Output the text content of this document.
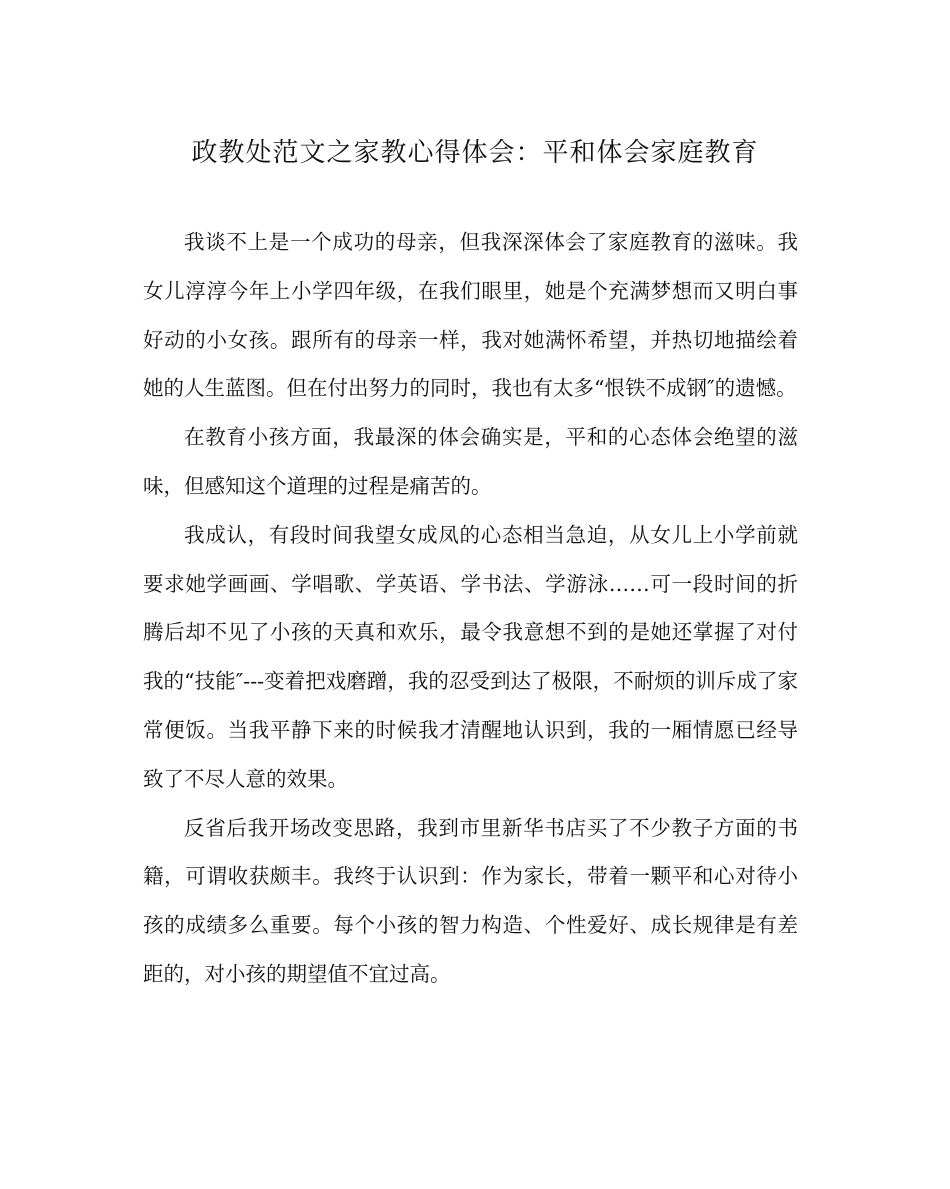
政教处范文之家教心得体会：平和体会家庭教育

我谈不上是一个成功的母亲，但我深深体会了家庭教育的滋味。我女儿淳淳今年上小学四年级，在我们眼里，她是个充满梦想而又明白事好动的小女孩。跟所有的母亲一样，我对她满怀希望，并热切地描绘着她的人生蓝图。但在付出努力的同时，我也有太多“恨铁不成钢″的遗憾。

在教育小孩方面，我最深的体会确实是，平和的心态体会绝望的滋味，但感知这个道理的过程是痛苦的。

我成认，有段时间我望女成凤的心态相当急迫，从女儿上小学前就要求她学画画、学唱歌、学英语、学书法、学游泳……可一段时间的折腾后却不见了小孩的天真和欢乐，最令我意想不到的是她还掌握了对付我的“技能″---变着把戏磨蹭，我的忍受到达了极限，不耐烦的训斥成了家常便饭。当我平静下来的时候我才清醒地认识到，我的一厢情愿已经导致了不尽人意的效果。

反省后我开场改变思路，我到市里新华书店买了不少教子方面的书籍，可谓收获颇丰。我终于认识到：作为家长，带着一颗平和心对待小孩的成绩多么重要。每个小孩的智力构造、个性爱好、成长规律是有差距的，对小孩的期望值不宜过高。
